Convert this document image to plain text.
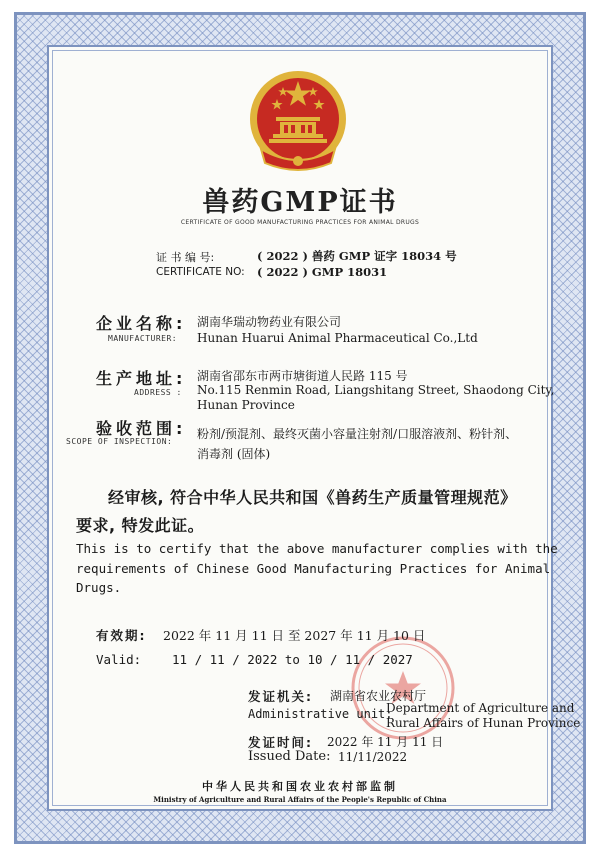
兽药GMP证书
CERTIFICATE OF GOOD MANUFACTURING PRACTICES FOR ANIMAL DRUGS
证 书 编 号:	( 2022 ) 兽药 GMP 证字 18034 号
CERTIFICATE NO: ( 2022 ) GMP 18031
企业名称:
MANUFACTURER:
湖南华瑞动物药业有限公司
Hunan Huarui Animal Pharmaceutical Co.,Ltd
生产地址:
ADDRESS :
湖南省邵东市两市塘街道人民路 115 号
No.115 Renmin Road, Liangshitang Street, Shaodong City,
Hunan Province
验收范围:
SCOPE OF INSPECTION:
粉剂/预混剂、最终灭菌小容量注射剂/口服溶液剂、粉针剂、
消毒剂 (固体)
经审核, 符合中华人民共和国《兽药生产质量管理规范》
要求, 特发此证。
This is to certify that the above manufacturer complies with the
requirements of Chinese Good Manufacturing Practices for Animal
Drugs.
有效期: 2022 年 11 月 11 日 至 2027 年 11 月 10 日
Valid: 11 / 11 / 2022 to 10 / 11 / 2027
发证机关: 湖南省农业农村厅
Administrative unit:
Department of Agriculture and
Rural Affairs of Hunan Province
发证时间: 2022 年 11 月 11 日
Issued Date: 11/11/2022
中华人民共和国农业农村部监制
Ministry of Agriculture and Rural Affairs of the People's Republic of China
